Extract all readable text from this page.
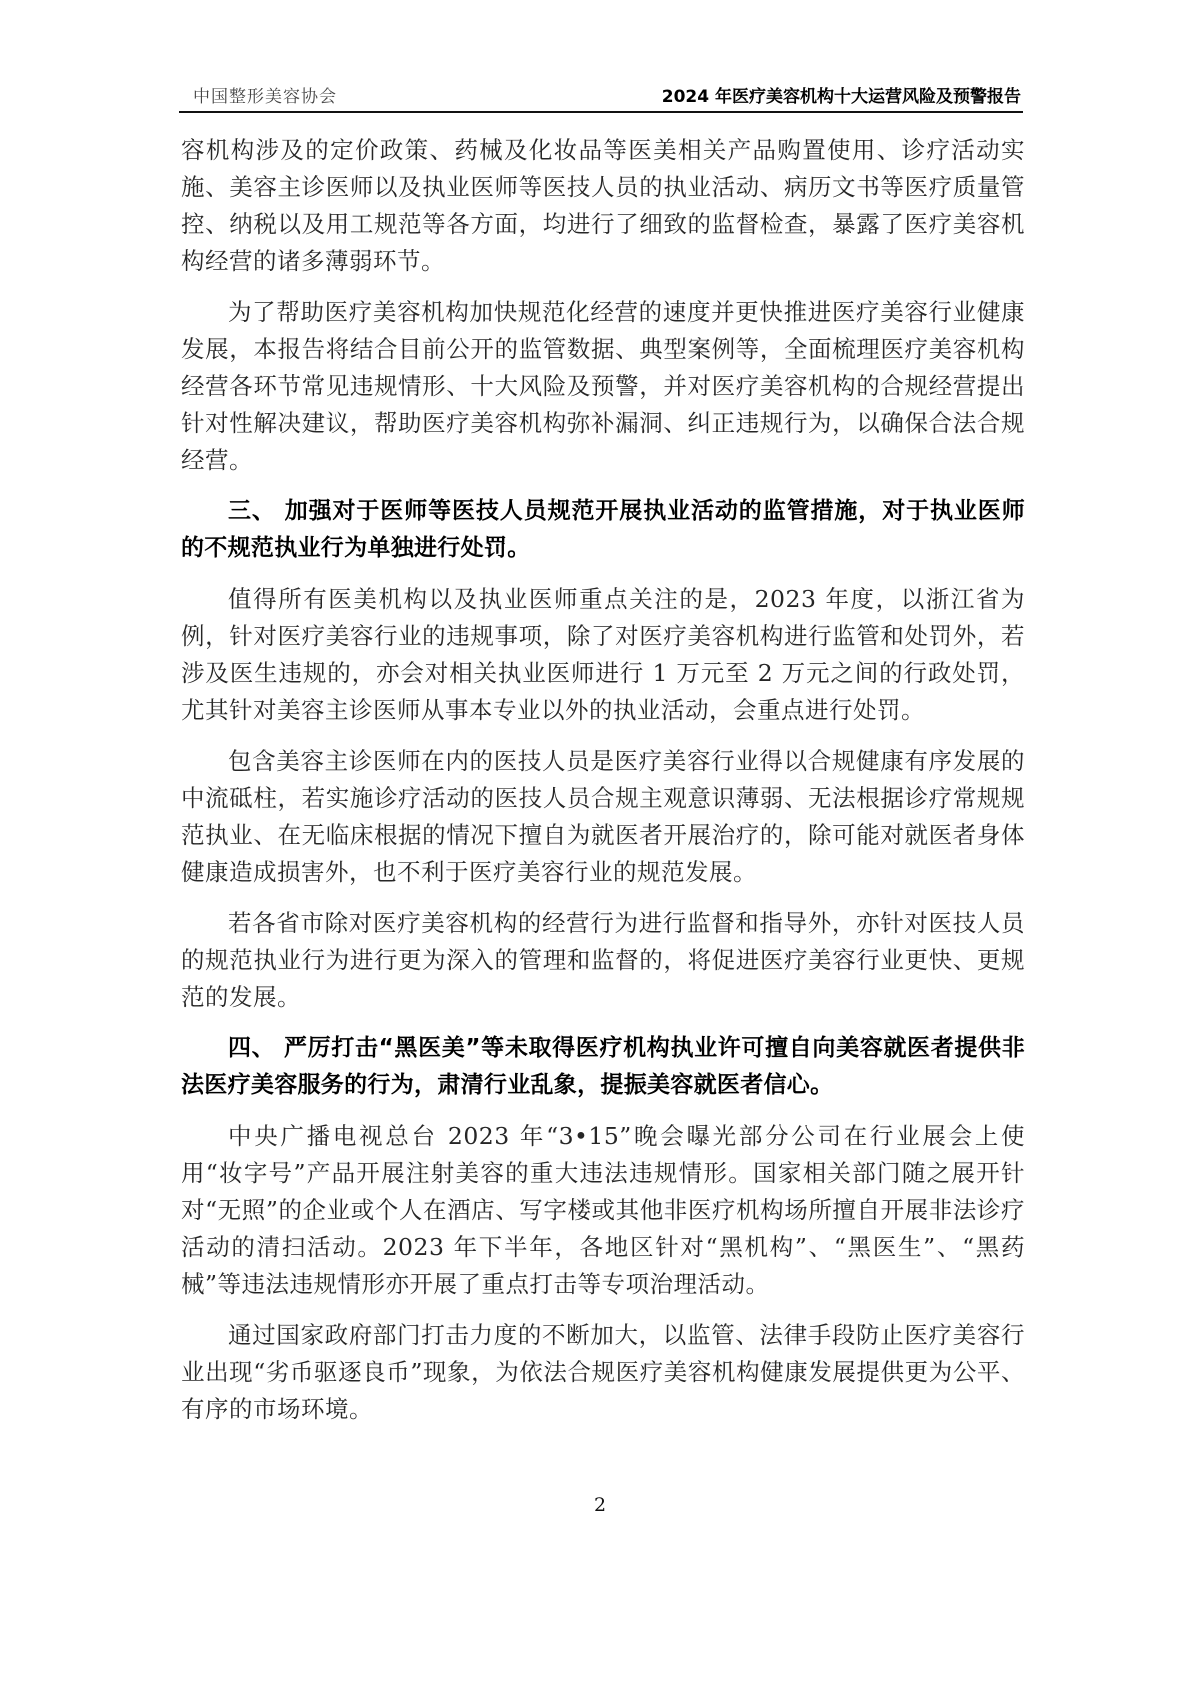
中国整形美容协会	2024 年医疗美容机构十大运营风险及预警报告

容机构涉及的定价政策、药械及化妆品等医美相关产品购置使用、诊疗活动实施、美容主诊医师以及执业医师等医技人员的执业活动、病历文书等医疗质量管控、纳税以及用工规范等各方面，均进行了细致的监督检查，暴露了医疗美容机构经营的诸多薄弱环节。

为了帮助医疗美容机构加快规范化经营的速度并更快推进医疗美容行业健康发展，本报告将结合目前公开的监管数据、典型案例等，全面梳理医疗美容机构经营各环节常见违规情形、十大风险及预警，并对医疗美容机构的合规经营提出针对性解决建议，帮助医疗美容机构弥补漏洞、纠正违规行为，以确保合法合规经营。

三、 加强对于医师等医技人员规范开展执业活动的监管措施，对于执业医师的不规范执业行为单独进行处罚。

值得所有医美机构以及执业医师重点关注的是，2023 年度，以浙江省为例，针对医疗美容行业的违规事项，除了对医疗美容机构进行监管和处罚外，若涉及医生违规的，亦会对相关执业医师进行 1 万元至 2 万元之间的行政处罚，尤其针对美容主诊医师从事本专业以外的执业活动，会重点进行处罚。

包含美容主诊医师在内的医技人员是医疗美容行业得以合规健康有序发展的中流砥柱，若实施诊疗活动的医技人员合规主观意识薄弱、无法根据诊疗常规规范执业、在无临床根据的情况下擅自为就医者开展治疗的，除可能对就医者身体健康造成损害外，也不利于医疗美容行业的规范发展。

若各省市除对医疗美容机构的经营行为进行监督和指导外，亦针对医技人员的规范执业行为进行更为深入的管理和监督的，将促进医疗美容行业更快、更规范的发展。

四、 严厉打击“黑医美”等未取得医疗机构执业许可擅自向美容就医者提供非法医疗美容服务的行为，肃清行业乱象，提振美容就医者信心。

中央广播电视总台 2023 年“3•15”晚会曝光部分公司在行业展会上使用“妆字号”产品开展注射美容的重大违法违规情形。国家相关部门随之展开针对“无照”的企业或个人在酒店、写字楼或其他非医疗机构场所擅自开展非法诊疗活动的清扫活动。2023 年下半年，各地区针对“黑机构”、“黑医生”、“黑药械”等违法违规情形亦开展了重点打击等专项治理活动。

通过国家政府部门打击力度的不断加大，以监管、法律手段防止医疗美容行业出现“劣币驱逐良币”现象，为依法合规医疗美容机构健康发展提供更为公平、有序的市场环境。

2
